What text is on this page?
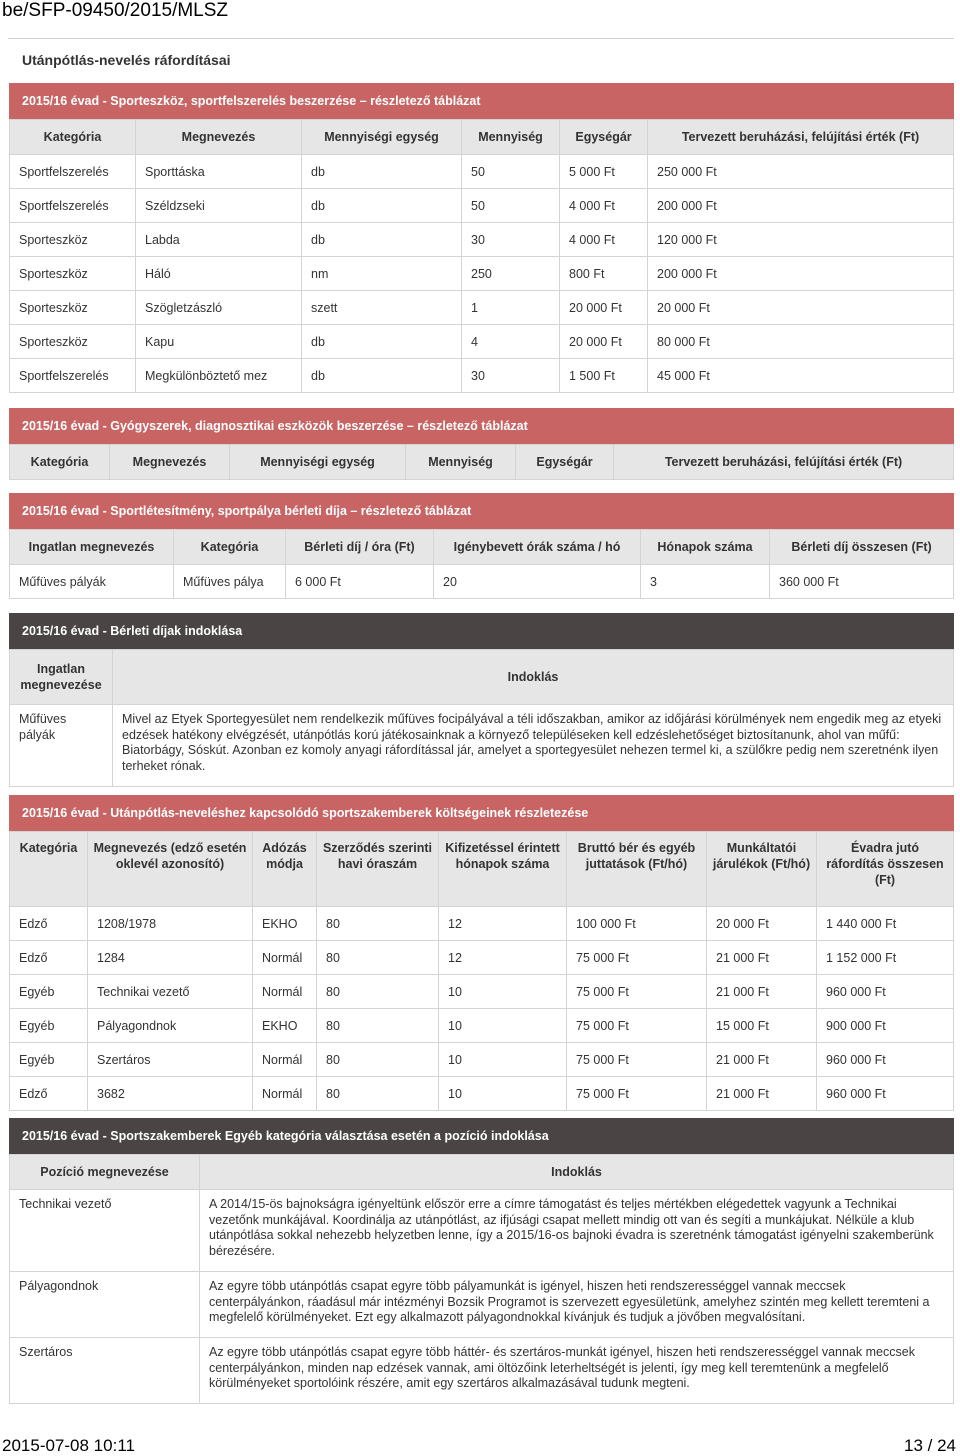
be/SFP-09450/2015/MLSZ
Utánpótlás-nevelés ráfordításai
2015/16 évad - Sporteszköz, sportfelszerelés beszerzése – részletező táblázat
Kategória	Megnevezés	Mennyiségi egység	Mennyiség	Egységár	Tervezett beruházási, felújítási érték (Ft)
Sportfelszerelés	Sporttáska	db	50	5 000 Ft	250 000 Ft
Sportfelszerelés	Széldzseki	db	50	4 000 Ft	200 000 Ft
Sporteszköz	Labda	db	30	4 000 Ft	120 000 Ft
Sporteszköz	Háló	nm	250	800 Ft	200 000 Ft
Sporteszköz	Szögletzászló	szett	1	20 000 Ft	20 000 Ft
Sporteszköz	Kapu	db	4	20 000 Ft	80 000 Ft
Sportfelszerelés	Megkülönböztető mez	db	30	1 500 Ft	45 000 Ft
2015/16 évad - Gyógyszerek, diagnosztikai eszközök beszerzése – részletező táblázat
Kategória	Megnevezés	Mennyiségi egység	Mennyiség	Egységár	Tervezett beruházási, felújítási érték (Ft)
2015/16 évad - Sportlétesítmény, sportpálya bérleti díja – részletező táblázat
Ingatlan megnevezés	Kategória	Bérleti díj / óra (Ft)	Igénybevett órák száma / hó	Hónapok száma	Bérleti díj összesen (Ft)
Műfüves pályák	Műfüves pálya	6 000 Ft	20	3	360 000 Ft
2015/16 évad - Bérleti díjak indoklása
Ingatlan megnevezése	Indoklás
Műfüves pályák	Mivel az Etyek Sportegyesület nem rendelkezik műfüves focipályával a téli időszakban, amikor az időjárási körülmények nem engedik meg az etyeki edzések hatékony elvégzését, utánpótlás korú játékosainknak a környező településeken kell edzéslehetőséget biztosítanunk, ahol van műfű: Biatorbágy, Sóskút. Azonban ez komoly anyagi ráfordítással jár, amelyet a sportegyesület nehezen termel ki, a szülőkre pedig nem szeretnénk ilyen terheket rónak.
2015/16 évad - Utánpótlás-neveléshez kapcsolódó sportszakemberek költségeinek részletezése
Kategória	Megnevezés (edző esetén oklevél azonosító)	Adózás módja	Szerződés szerinti havi óraszám	Kifizetéssel érintett hónapok száma	Bruttó bér és egyéb juttatások (Ft/hó)	Munkáltatói járulékok (Ft/hó)	Évadra jutó ráfordítás összesen (Ft)
Edző	1208/1978	EKHO	80	12	100 000 Ft	20 000 Ft	1 440 000 Ft
Edző	1284	Normál	80	12	75 000 Ft	21 000 Ft	1 152 000 Ft
Egyéb	Technikai vezető	Normál	80	10	75 000 Ft	21 000 Ft	960 000 Ft
Egyéb	Pályagondnok	EKHO	80	10	75 000 Ft	15 000 Ft	900 000 Ft
Egyéb	Szertáros	Normál	80	10	75 000 Ft	21 000 Ft	960 000 Ft
Edző	3682	Normál	80	10	75 000 Ft	21 000 Ft	960 000 Ft
2015/16 évad - Sportszakemberek Egyéb kategória választása esetén a pozíció indoklása
Pozíció megnevezése	Indoklás
Technikai vezető	A 2014/15-ös bajnokságra igényeltünk először erre a címre támogatást és teljes mértékben elégedettek vagyunk a Technikai vezetőnk munkájával. Koordinálja az utánpótlást, az ifjúsági csapat mellett mindig ott van és segíti a munkájukat. Nélküle a klub utánpótlása sokkal nehezebb helyzetben lenne, így a 2015/16-os bajnoki évadra is szeretnénk támogatást igényelni szakemberünk bérezésére.
Pályagondnok	Az egyre több utánpótlás csapat egyre több pályamunkát is igényel, hiszen heti rendszerességgel vannak meccsek centerpályánkon, ráadásul már intézményi Bozsik Programot is szervezett egyesületünk, amelyhez szintén meg kellett teremteni a megfelelő körülményeket. Ezt egy alkalmazott pályagondnokkal kívánjuk és tudjuk a jövőben megvalósítani.
Szertáros	Az egyre több utánpótlás csapat egyre több háttér- és szertáros-munkát igényel, hiszen heti rendszerességgel vannak meccsek centerpályánkon, minden nap edzések vannak, ami öltözőink leterheltségét is jelenti, így meg kell teremtenünk a megfelelő körülményeket sportolóink részére, amit egy szertáros alkalmazásával tudunk megteni.
2015-07-08 10:11	13 / 24
